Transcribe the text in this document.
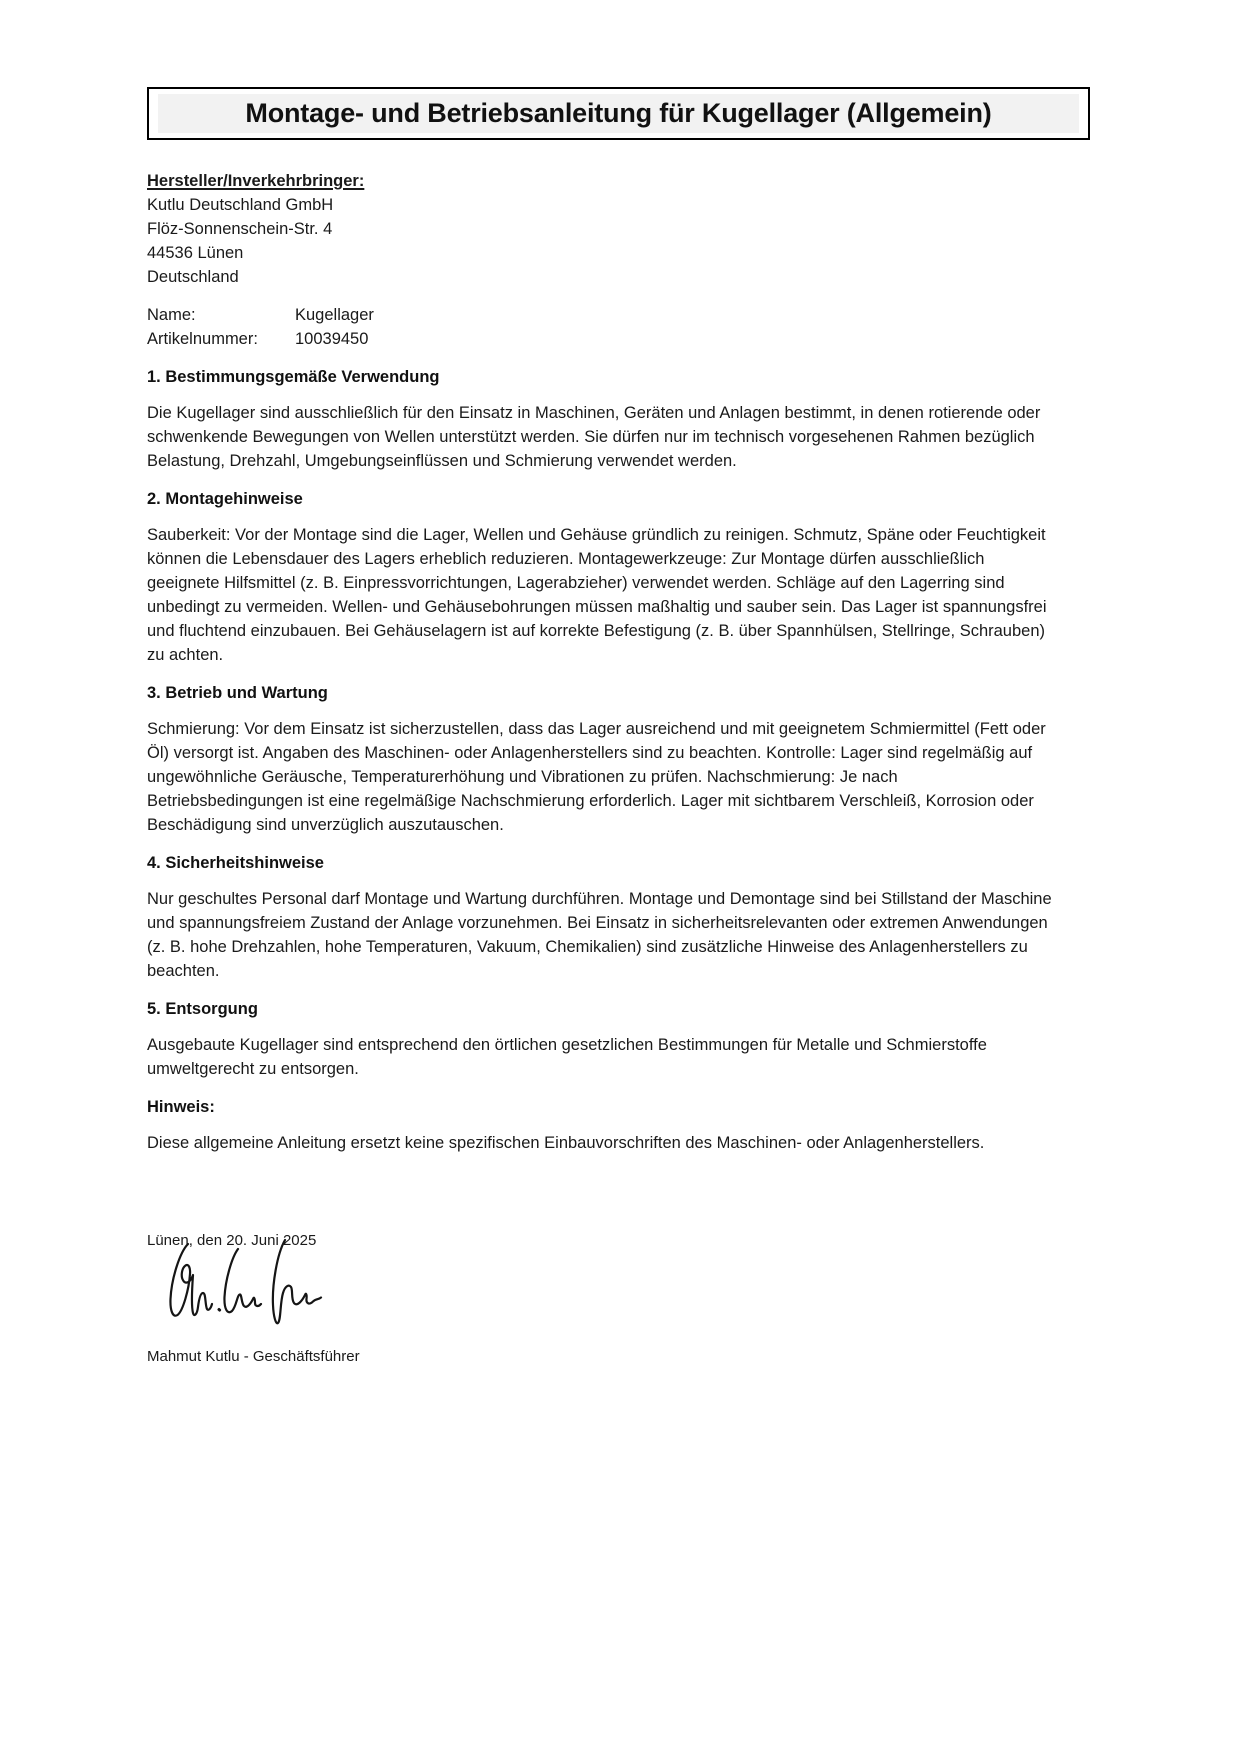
Montage- und Betriebsanleitung für Kugellager (Allgemein)
Hersteller/Inverkehrbringer:
Kutlu Deutschland GmbH
Flöz-Sonnenschein-Str. 4
44536 Lünen
Deutschland
Name:	Kugellager
Artikelnummer:	10039450
1. Bestimmungsgemäße Verwendung

Die Kugellager sind ausschließlich für den Einsatz in Maschinen, Geräten und Anlagen bestimmt, in denen rotierende oder schwenkende Bewegungen von Wellen unterstützt werden. Sie dürfen nur im technisch vorgesehenen Rahmen bezüglich Belastung, Drehzahl, Umgebungseinflüssen und Schmierung verwendet werden.

2. Montagehinweise

Sauberkeit: Vor der Montage sind die Lager, Wellen und Gehäuse gründlich zu reinigen. Schmutz, Späne oder Feuchtigkeit können die Lebensdauer des Lagers erheblich reduzieren. Montagewerkzeuge: Zur Montage dürfen ausschließlich geeignete Hilfsmittel (z. B. Einpressvorrichtungen, Lagerabzieher) verwendet werden. Schläge auf den Lagerring sind unbedingt zu vermeiden. Wellen- und Gehäusebohrungen müssen maßhaltig und sauber sein. Das Lager ist spannungsfrei und fluchtend einzubauen. Bei Gehäuselagern ist auf korrekte Befestigung (z. B. über Spannhülsen, Stellringe, Schrauben) zu achten.

3. Betrieb und Wartung

Schmierung: Vor dem Einsatz ist sicherzustellen, dass das Lager ausreichend und mit geeignetem Schmiermittel (Fett oder Öl) versorgt ist. Angaben des Maschinen- oder Anlagenherstellers sind zu beachten. Kontrolle: Lager sind regelmäßig auf ungewöhnliche Geräusche, Temperaturerhöhung und Vibrationen zu prüfen. Nachschmierung: Je nach Betriebsbedingungen ist eine regelmäßige Nachschmierung erforderlich. Lager mit sichtbarem Verschleiß, Korrosion oder Beschädigung sind unverzüglich auszutauschen.

4. Sicherheitshinweise

Nur geschultes Personal darf Montage und Wartung durchführen. Montage und Demontage sind bei Stillstand der Maschine und spannungsfreiem Zustand der Anlage vorzunehmen. Bei Einsatz in sicherheitsrelevanten oder extremen Anwendungen (z. B. hohe Drehzahlen, hohe Temperaturen, Vakuum, Chemikalien) sind zusätzliche Hinweise des Anlagenherstellers zu beachten.

5. Entsorgung

Ausgebaute Kugellager sind entsprechend den örtlichen gesetzlichen Bestimmungen für Metalle und Schmierstoffe umweltgerecht zu entsorgen.

Hinweis:

Diese allgemeine Anleitung ersetzt keine spezifischen Einbauvorschriften des Maschinen- oder Anlagenherstellers.

Lünen, den 20. Juni 2025
Mahmut Kutlu - Geschäftsführer
